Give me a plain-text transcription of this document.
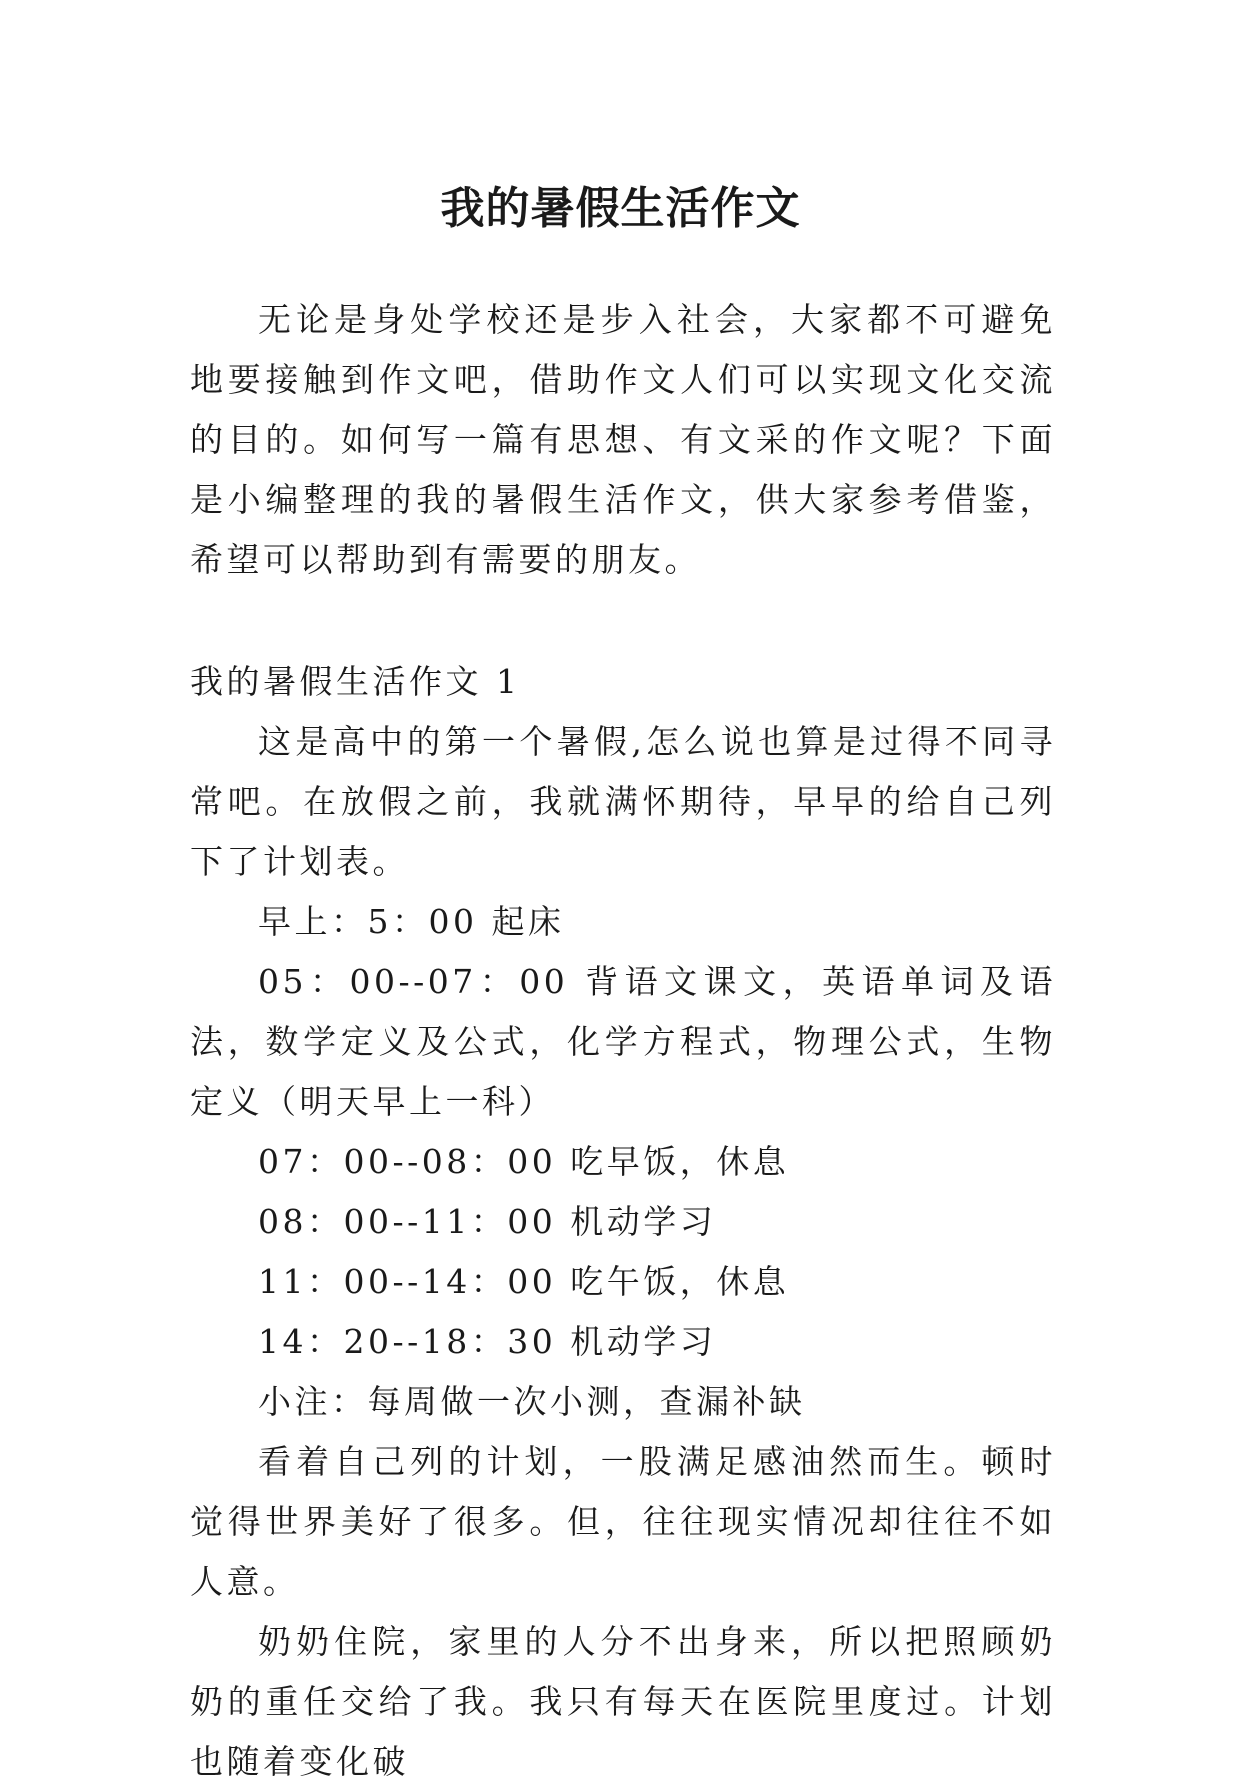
我的暑假生活作文

无论是身处学校还是步入社会，大家都不可避免地要接触到作文吧，借助作文人们可以实现文化交流的目的。如何写一篇有思想、有文采的作文呢？下面是小编整理的我的暑假生活作文，供大家参考借鉴，希望可以帮助到有需要的朋友。

我的暑假生活作文 1

这是高中的第一个暑假,怎么说也算是过得不同寻常吧。在放假之前，我就满怀期待，早早的给自己列下了计划表。

早上：5：00 起床

05：00--07：00 背语文课文，英语单词及语法，数学定义及公式，化学方程式，物理公式，生物定义（明天早上一科）

07：00--08：00 吃早饭，休息

08：00--11：00 机动学习

11：00--14：00 吃午饭，休息

14：20--18：30 机动学习

小注：每周做一次小测，查漏补缺

看着自己列的计划，一股满足感油然而生。顿时觉得世界美好了很多。但，往往现实情况却往往不如人意。

奶奶住院，家里的人分不出身来，所以把照顾奶奶的重任交给了我。我只有每天在医院里度过。计划也随着变化破
